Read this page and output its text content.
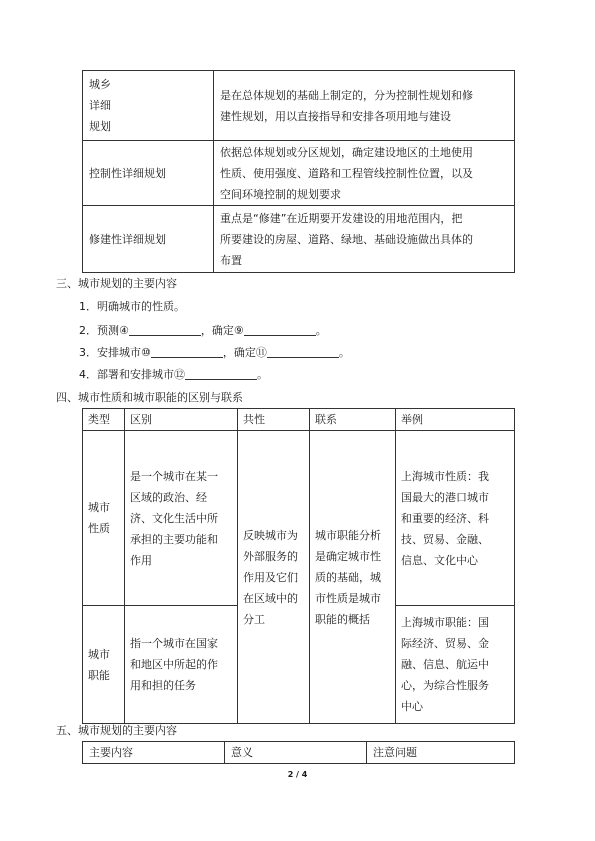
城乡
详细
规划	是在总体规划的基础上制定的，分为控制性规划和修
建性规划，用以直接指导和安排各项用地与建设

控制性详细规划	依据总体规划或分区规划，确定建设地区的土地使用
性质、使用强度、道路和工程管线控制性位置，以及
空间环境控制的规划要求

修建性详细规划	重点是“修建”在近期要开发建设的用地范围内，把
所要建设的房屋、道路、绿地、基础设施做出具体的
布置
三、城市规划的主要内容
1．明确城市的性质。
2．预测④	，确定⑨	。
3．安排城市⑩	，确定⑪	。
4．部署和安排城市⑫	。
四、城市性质和城市职能的区别与联系
类型	区别	共性	联系	举例

城市
性质	是一个城市在某一
区域的政治、经
济、文化生活中所
承担的主要功能和
作用	反映城市为
外部服务的
作用及它们
在区域中的
分工	城市职能分析
是确定城市性
质的基础，城
市性质是城市
职能的概括	上海城市性质：我
国最大的港口城市
和重要的经济、科
技、贸易、金融、
信息、文化中心

城市
职能	指一个城市在国家
和地区中所起的作
用和担的任务			上海城市职能：国
际经济、贸易、金
融、信息、航运中
心，为综合性服务
中心
五、城市规划的主要内容
主要内容	意义	注意问题
2 / 4
